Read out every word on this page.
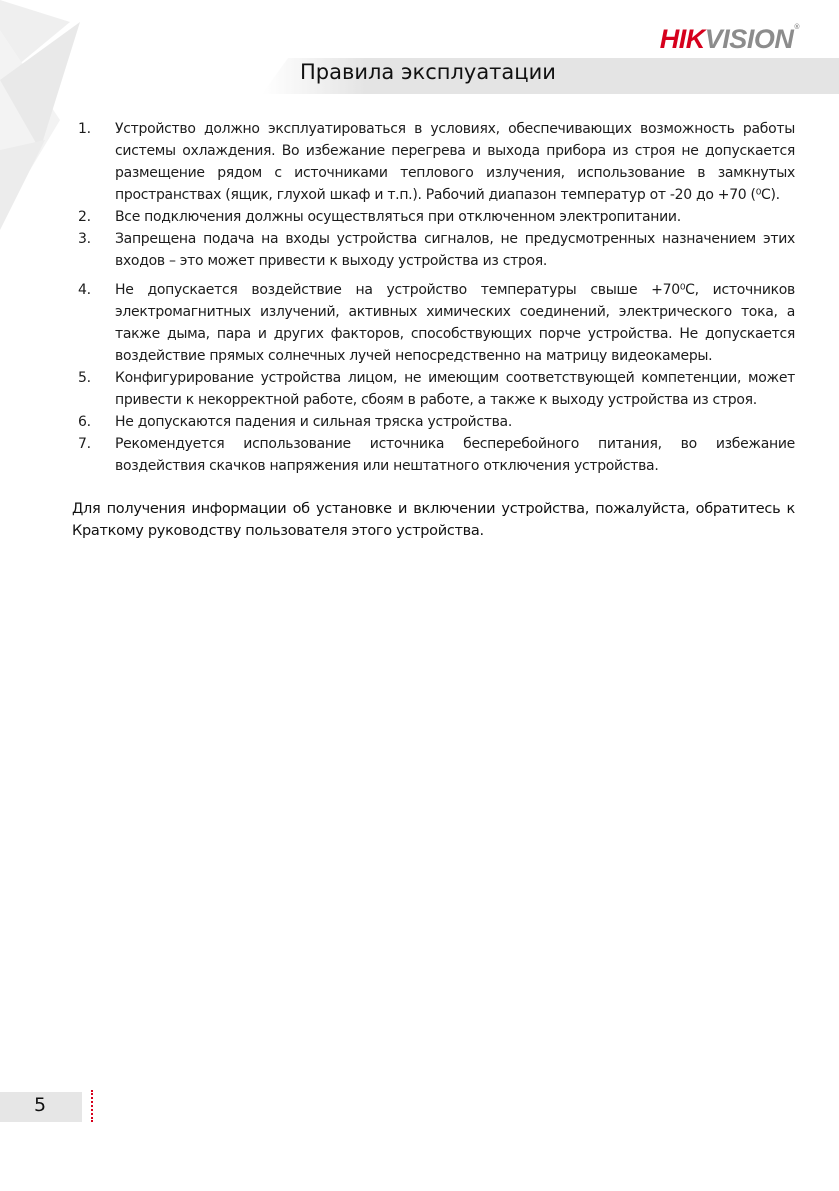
HIKVISION®
Правила эксплуатации
1.	Устройство должно эксплуатироваться в условиях, обеспечивающих возможность работы системы охлаждения. Во избежание перегрева и выхода прибора из строя не допускается размещение рядом с источниками теплового излучения, использование в замкнутых пространствах (ящик, глухой шкаф и т.п.). Рабочий диапазон температур от -20 до +70 (⁰С).
2.	Все подключения должны осуществляться при отключенном электропитании.
3.	Запрещена подача на входы устройства сигналов, не предусмотренных назначением этих входов – это может привести к выходу устройства из строя.
4.	Не допускается воздействие на устройство температуры свыше +70⁰С, источников электромагнитных излучений, активных химических соединений, электрического тока, а также дыма, пара и других факторов, способствующих порче устройства. Не допускается воздействие прямых солнечных лучей непосредственно на матрицу видеокамеры.
5.	Конфигурирование устройства лицом, не имеющим соответствующей компетенции, может привести к некорректной работе, сбоям в работе, а также к выходу устройства из строя.
6.	Не допускаются падения и сильная тряска устройства.
7.	Рекомендуется использование источника бесперебойного питания, во избежание воздействия скачков напряжения или нештатного отключения устройства.

Для получения информации об установке и включении устройства, пожалуйста, обратитесь к Краткому руководству пользователя этого устройства.

5
